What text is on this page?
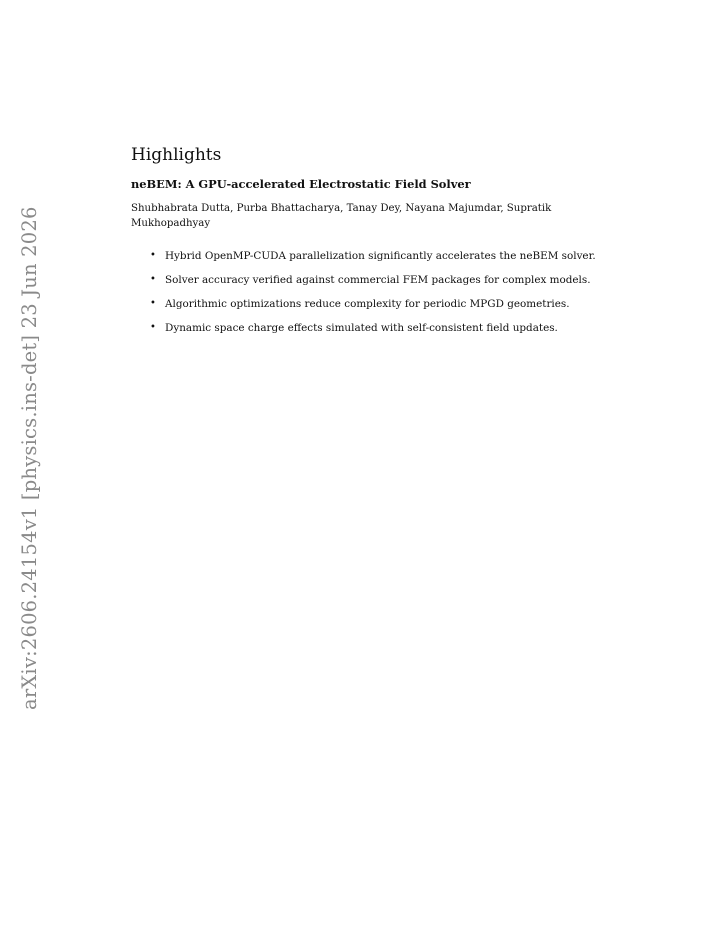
arXiv:2606.24154v1 [physics.ins-det] 23 Jun 2026
Highlights
neBEM: A GPU-accelerated Electrostatic Field Solver
Shubhabrata Dutta, Purba Bhattacharya, Tanay Dey, Nayana Majumdar, Supratik Mukhopadhyay
• Hybrid OpenMP-CUDA parallelization significantly accelerates the neBEM solver.
• Solver accuracy verified against commercial FEM packages for complex models.
• Algorithmic optimizations reduce complexity for periodic MPGD geometries.
• Dynamic space charge effects simulated with self-consistent field updates.
